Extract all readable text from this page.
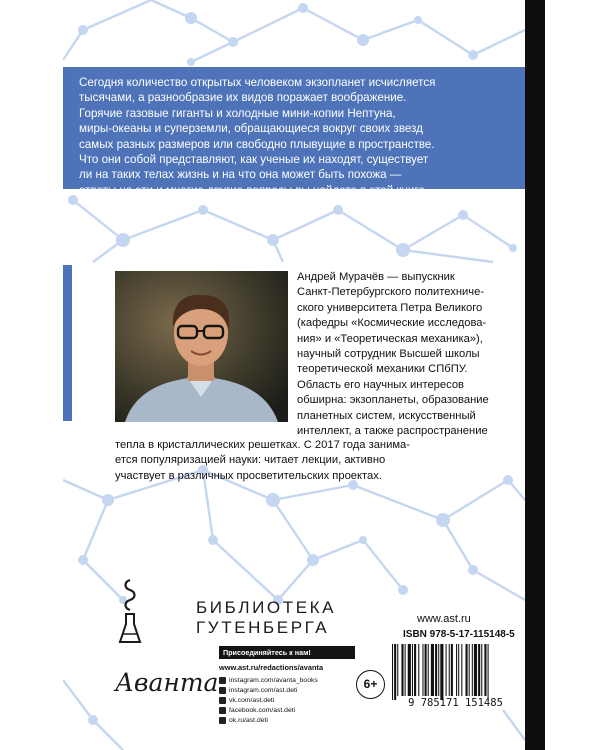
Сегодня количество открытых человеком экзопланет исчисляется
тысячами, а разнообразие их видов поражает воображение.
Горячие газовые гиганты и холодные мини-копии Нептуна,
миры-океаны и суперземли, обращающиеся вокруг своих звезд
самых разных размеров или свободно плывущие в пространстве.
Что они собой представляют, как ученые их находят, существует
ли на таких телах жизнь и на что она может быть похожа —
ответы на эти и многие другие вопросы вы найдете в этой книге.

Андрей Мурачёв — выпускник
Санкт-Петербургского политехниче-
ского университета Петра Великого
(кафедры «Космические исследова-
ния» и «Теоретическая механика»),
научный сотрудник Высшей школы
теоретической механики СПбПУ.
Область его научных интересов
обширна: экзопланеты, образование
планетных систем, искусственный
интеллект, а также распространение
тепла в кристаллических решетках. С 2017 года занима-
ется популяризацией науки: читает лекции, активно
участвует в различных просветительских проектах.
БИБЛИОТЕКА
ГУТЕНБЕРГА
Аванта
Присоединяйтесь к нам!
www.ast.ru/redactions/avanta
instagram.com/avanta_books
instagram.com/ast.deti
vk.com/ast.deti
facebook.com/ast.deti
ok.ru/ast.deti
6+
www.ast.ru
ISBN 978-5-17-115148-5
9 785171 151485
